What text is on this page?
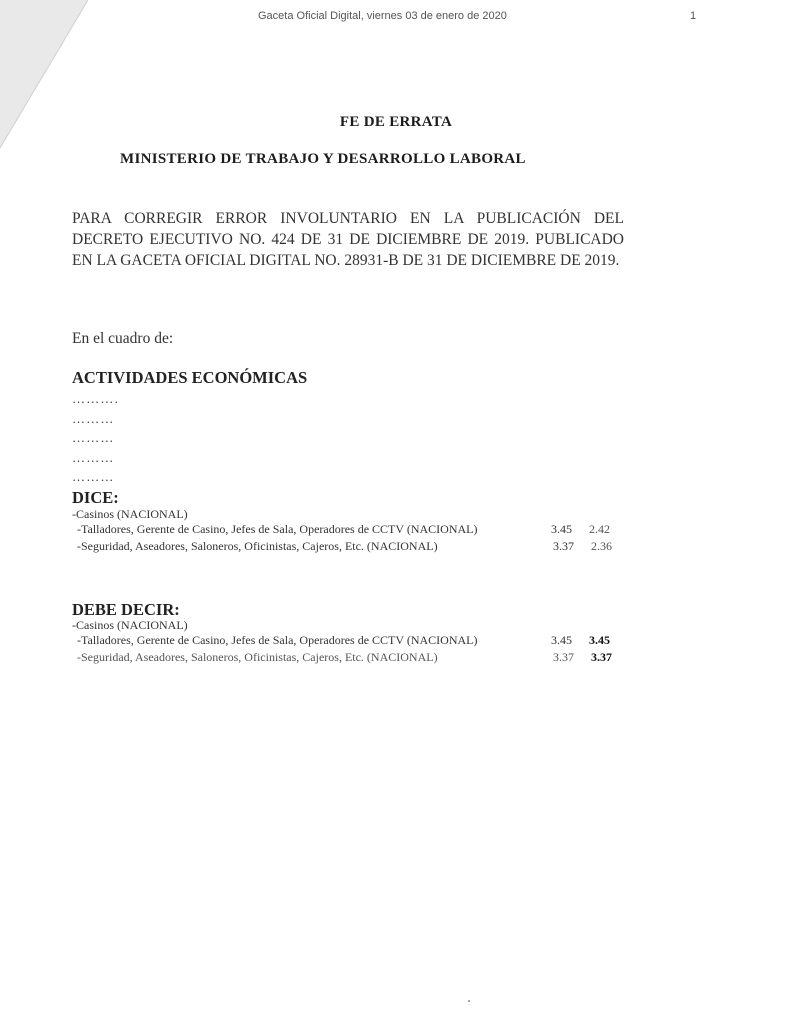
Gaceta Oficial Digital, viernes 03 de enero de 2020	1
FE DE ERRATA
MINISTERIO DE TRABAJO Y DESARROLLO LABORAL

PARA CORREGIR ERROR INVOLUNTARIO EN LA PUBLICACIÓN DEL DECRETO EJECUTIVO NO. 424 DE 31 DE DICIEMBRE DE 2019. PUBLICADO EN LA GACETA OFICIAL DIGITAL NO. 28931-B DE 31 DE DICIEMBRE DE 2019.

En el cuadro de:
ACTIVIDADES ECONÓMICAS
……….
………
………
………
………
DICE:
-Casinos (NACIONAL)
-Talladores, Gerente de Casino, Jefes de Sala, Operadores de CCTV (NACIONAL)	3.45 2.42
-Seguridad, Aseadores, Saloneros, Oficinistas, Cajeros, Etc. (NACIONAL)	3.37 2.36
DEBE DECIR:
-Casinos (NACIONAL)
-Talladores, Gerente de Casino, Jefes de Sala, Operadores de CCTV (NACIONAL)	3.45 3.45
-Seguridad, Aseadores, Saloneros, Oficinistas, Cajeros, Etc. (NACIONAL)	3.37 3.37
